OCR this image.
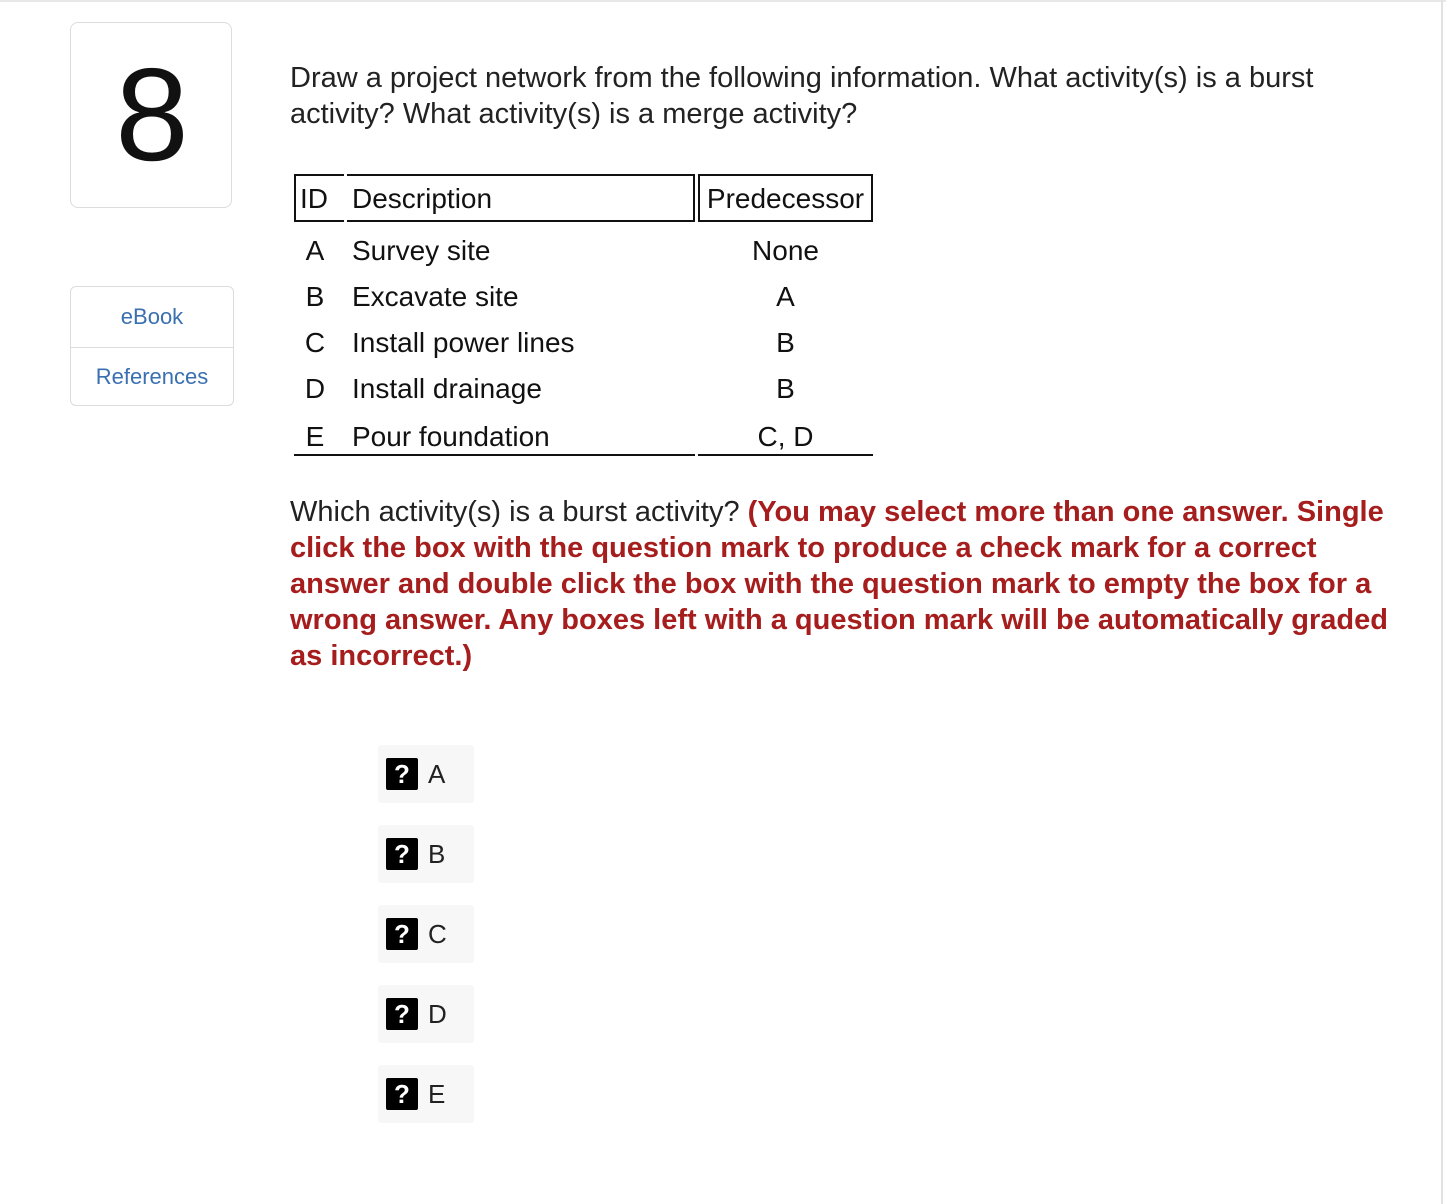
8
eBook
References
Draw a project network from the following information. What activity(s) is a burst activity? What activity(s) is a merge activity?
ID Description	Predecessor
A Survey site	None
B Excavate site	A
C Install power lines	B
D Install drainage	B
E Pour foundation	C, D
Which activity(s) is a burst activity? (You may select more than one answer. Single click the box with the question mark to produce a check mark for a correct answer and double click the box with the question mark to empty the box for a wrong answer. Any boxes left with a question mark will be automatically graded as incorrect.)
? A
? B
? C
? D
? E
